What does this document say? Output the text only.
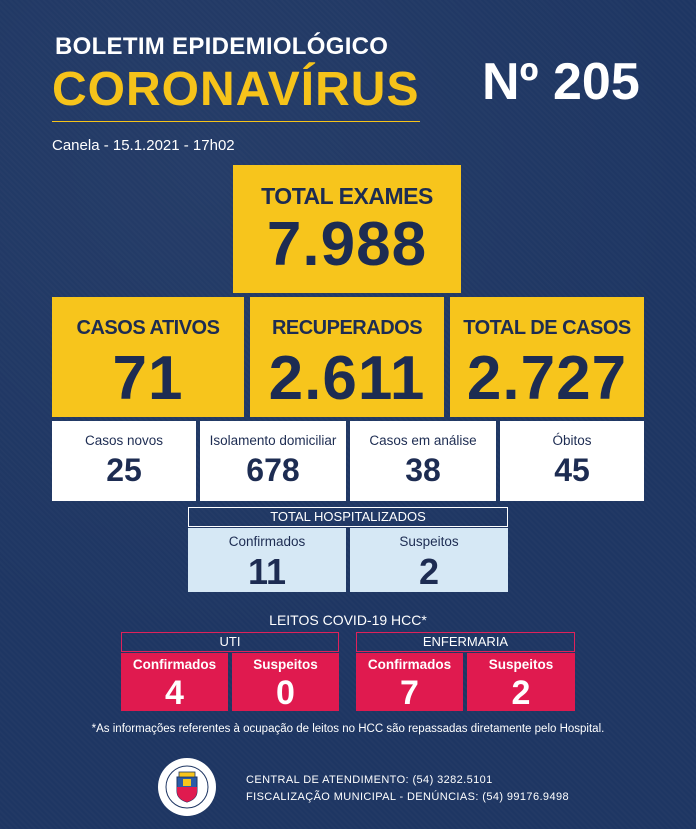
BOLETIM EPIDEMIOLÓGICO
CORONAVÍRUS Nº 205
Canela - 15.1.2021 - 17h02
TOTAL EXAMES
7.988
CASOS ATIVOS
71
RECUPERADOS
2.611
TOTAL DE CASOS
2.727
Casos novos
25
Isolamento domiciliar
678
Casos em análise
38
Óbitos
45
TOTAL HOSPITALIZADOS
Confirmados
11
Suspeitos
2
LEITOS COVID-19 HCC*
UTI	ENFERMARIA
Confirmados
4
Suspeitos
0
Confirmados
7
Suspeitos
2
*As informações referentes à ocupação de leitos no HCC são repassadas diretamente pelo Hospital.
CENTRAL DE ATENDIMENTO: (54) 3282.5101
FISCALIZAÇÃO MUNICIPAL - DENÚNCIAS: (54) 99176.9498
